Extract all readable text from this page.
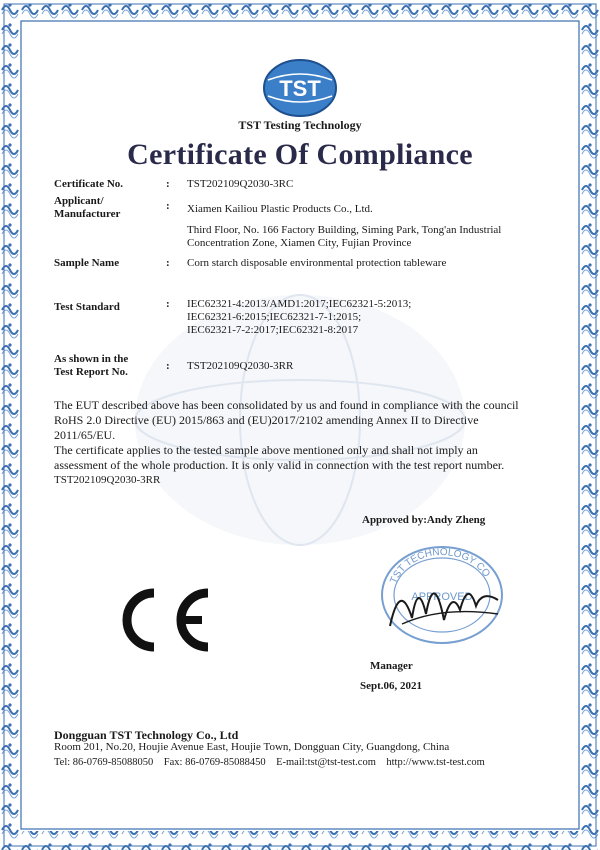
TST
TST Testing Technology
Certificate Of Compliance
Certificate No.	: TST202109Q2030-3RC
Applicant/
Manufacturer
: Xiamen Kailiou Plastic Products Co., Ltd.
Third Floor, No. 166 Factory Building, Siming Park, Tong'an Industrial
Concentration Zone, Xiamen City, Fujian Province
Sample Name	: Corn starch disposable environmental protection tableware
Test Standard	: IEC62321-4:2013/AMD1:2017;IEC62321-5:2013;
IEC62321-6:2015;IEC62321-7-1:2015;
IEC62321-7-2:2017;IEC62321-8:2017
As shown in the
Test Report No.	: TST202109Q2030-3RR
The EUT described above has been consolidated by us and found in compliance with the council
RoHS 2.0 Directive (EU) 2015/863 and (EU)2017/2102 amending Annex II to Directive
2011/65/EU.
The certificate applies to the tested sample above mentioned only and shall not imply an
assessment of the whole production. It is only valid in connection with the test report number.
TST202109Q2030-3RR
Approved by:Andy Zheng
TST TECHNOLOGY CO
APPROVED
Manager
Sept.06, 2021
Dongguan TST Technology Co., Ltd
Room 201, No.20, Houjie Avenue East, Houjie Town, Dongguan City, Guangdong, China
Tel: 86-0769-85088050 Fax: 86-0769-85088450 E-mail:tst@tst-test.com http://www.tst-test.com
